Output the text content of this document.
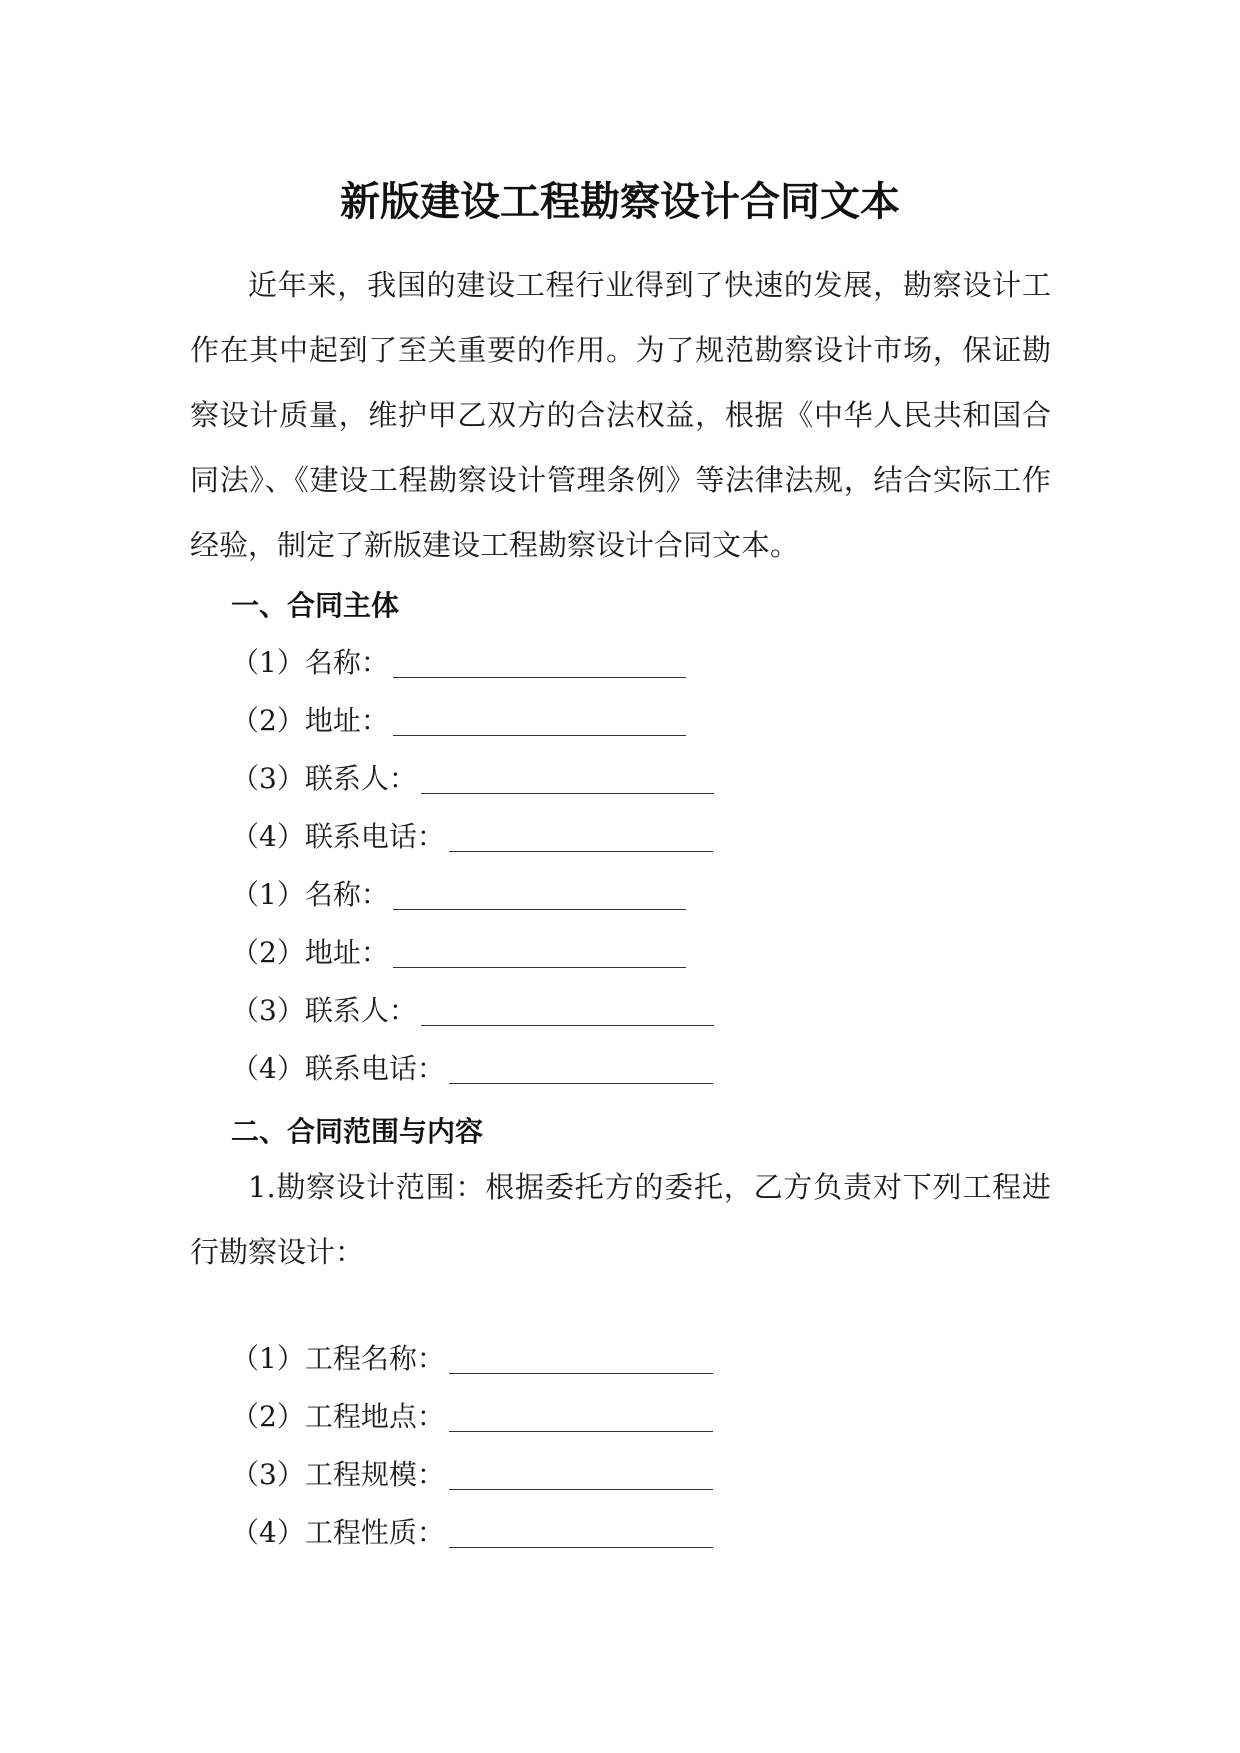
新版建设工程勘察设计合同文本

近年来，我国的建设工程行业得到了快速的发展，勘察设计工作在其中起到了至关重要的作用。为了规范勘察设计市场，保证勘察设计质量，维护甲乙双方的合法权益，根据《中华人民共和国合同法》、《建设工程勘察设计管理条例》等法律法规，结合实际工作经验，制定了新版建设工程勘察设计合同文本。

一、合同主体
（1）名称：
（2）地址：
（3）联系人：
（4）联系电话：
（1）名称：
（2）地址：
（3）联系人：
（4）联系电话：
二、合同范围与内容

1.勘察设计范围：根据委托方的委托，乙方负责对下列工程进行勘察设计：

（1）工程名称：
（2）工程地点：
（3）工程规模：
（4）工程性质：
